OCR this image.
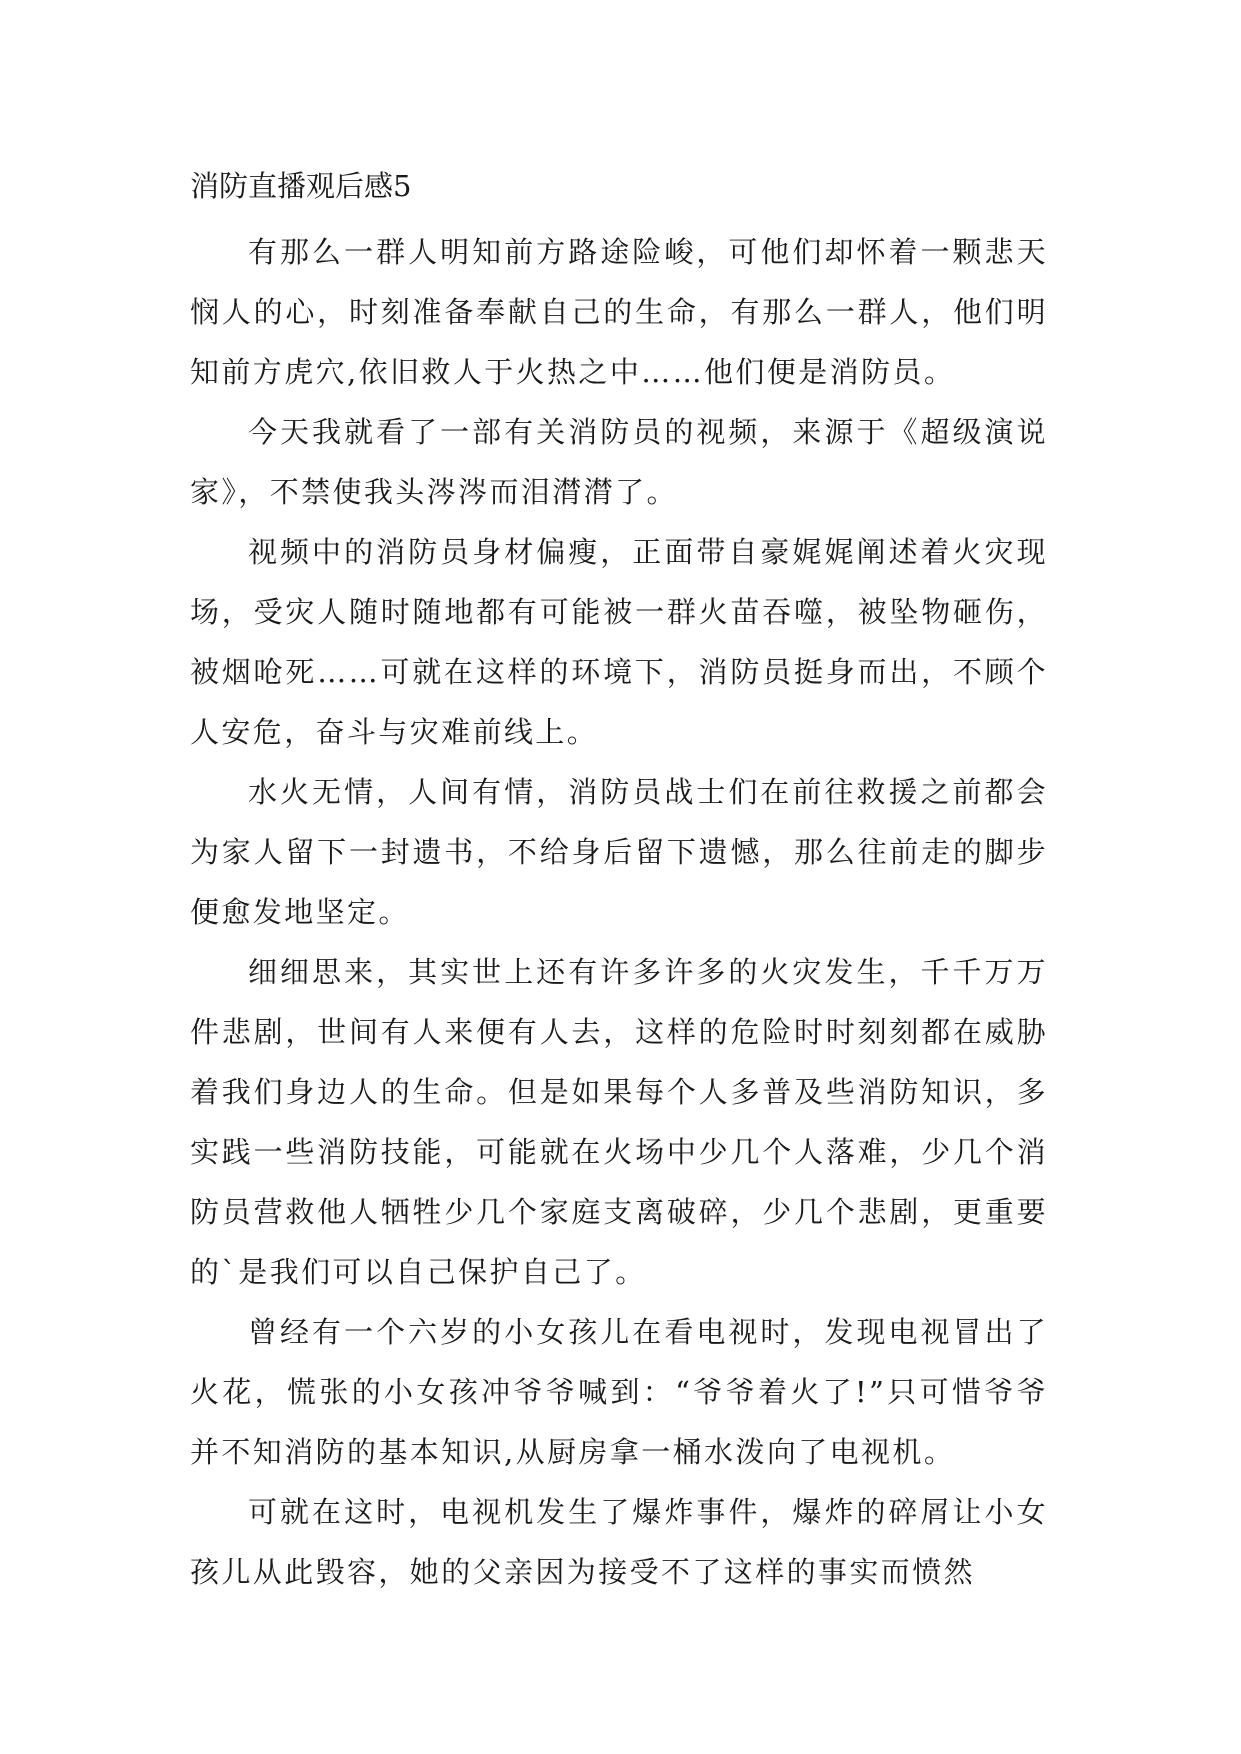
消防直播观后感5

有那么一群人明知前方路途险峻，可他们却怀着一颗悲天悯人的心，时刻准备奉献自己的生命，有那么一群人，他们明知前方虎穴,依旧救人于火热之中……他们便是消防员。

今天我就看了一部有关消防员的视频，来源于《超级演说家》，不禁使我头涔涔而泪潸潸了。

视频中的消防员身材偏瘦，正面带自豪娓娓阐述着火灾现场，受灾人随时随地都有可能被一群火苗吞噬，被坠物砸伤，被烟呛死……可就在这样的环境下，消防员挺身而出，不顾个人安危，奋斗与灾难前线上。

水火无情，人间有情，消防员战士们在前往救援之前都会为家人留下一封遗书，不给身后留下遗憾，那么往前走的脚步便愈发地坚定。

细细思来，其实世上还有许多许多的火灾发生，千千万万件悲剧，世间有人来便有人去，这样的危险时时刻刻都在威胁着我们身边人的生命。但是如果每个人多普及些消防知识，多实践一些消防技能，可能就在火场中少几个人落难，少几个消防员营救他人牺牲少几个家庭支离破碎，少几个悲剧，更重要的`是我们可以自己保护自己了。

曾经有一个六岁的小女孩儿在看电视时，发现电视冒出了火花，慌张的小女孩冲爷爷喊到：“爷爷着火了!”只可惜爷爷并不知消防的基本知识,从厨房拿一桶水泼向了电视机。

可就在这时，电视机发生了爆炸事件，爆炸的碎屑让小女孩儿从此毁容，她的父亲因为接受不了这样的事实而愤然
